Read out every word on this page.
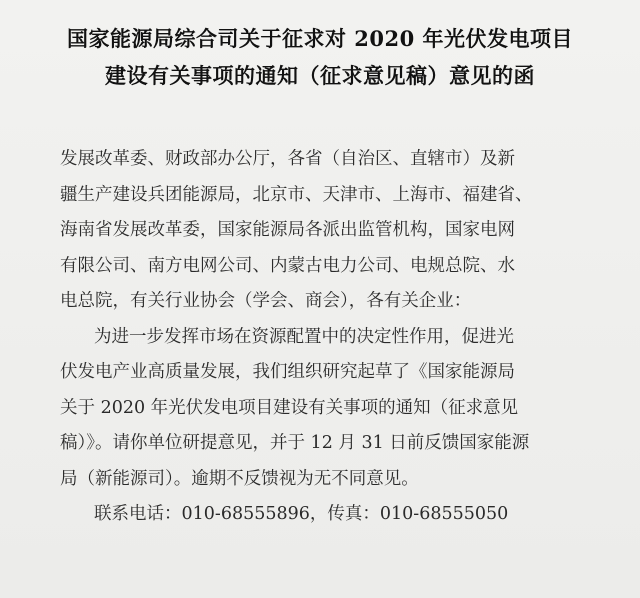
国家能源局综合司关于征求对 2020 年光伏发电项目
建设有关事项的通知（征求意见稿）意见的函
发展改革委、财政部办公厅，各省（自治区、直辖市）及新
疆生产建设兵团能源局，北京市、天津市、上海市、福建省、
海南省发展改革委，国家能源局各派出监管机构，国家电网
有限公司、南方电网公司、内蒙古电力公司、电规总院、水
电总院，有关行业协会（学会、商会），各有关企业：
为进一步发挥市场在资源配置中的决定性作用，促进光
伏发电产业高质量发展，我们组织研究起草了《国家能源局
关于 2020 年光伏发电项目建设有关事项的通知（征求意见
稿）》。请你单位研提意见，并于 12 月 31 日前反馈国家能源
局（新能源司）。逾期不反馈视为无不同意见。
联系电话：010-68555896，传真：010-68555050
